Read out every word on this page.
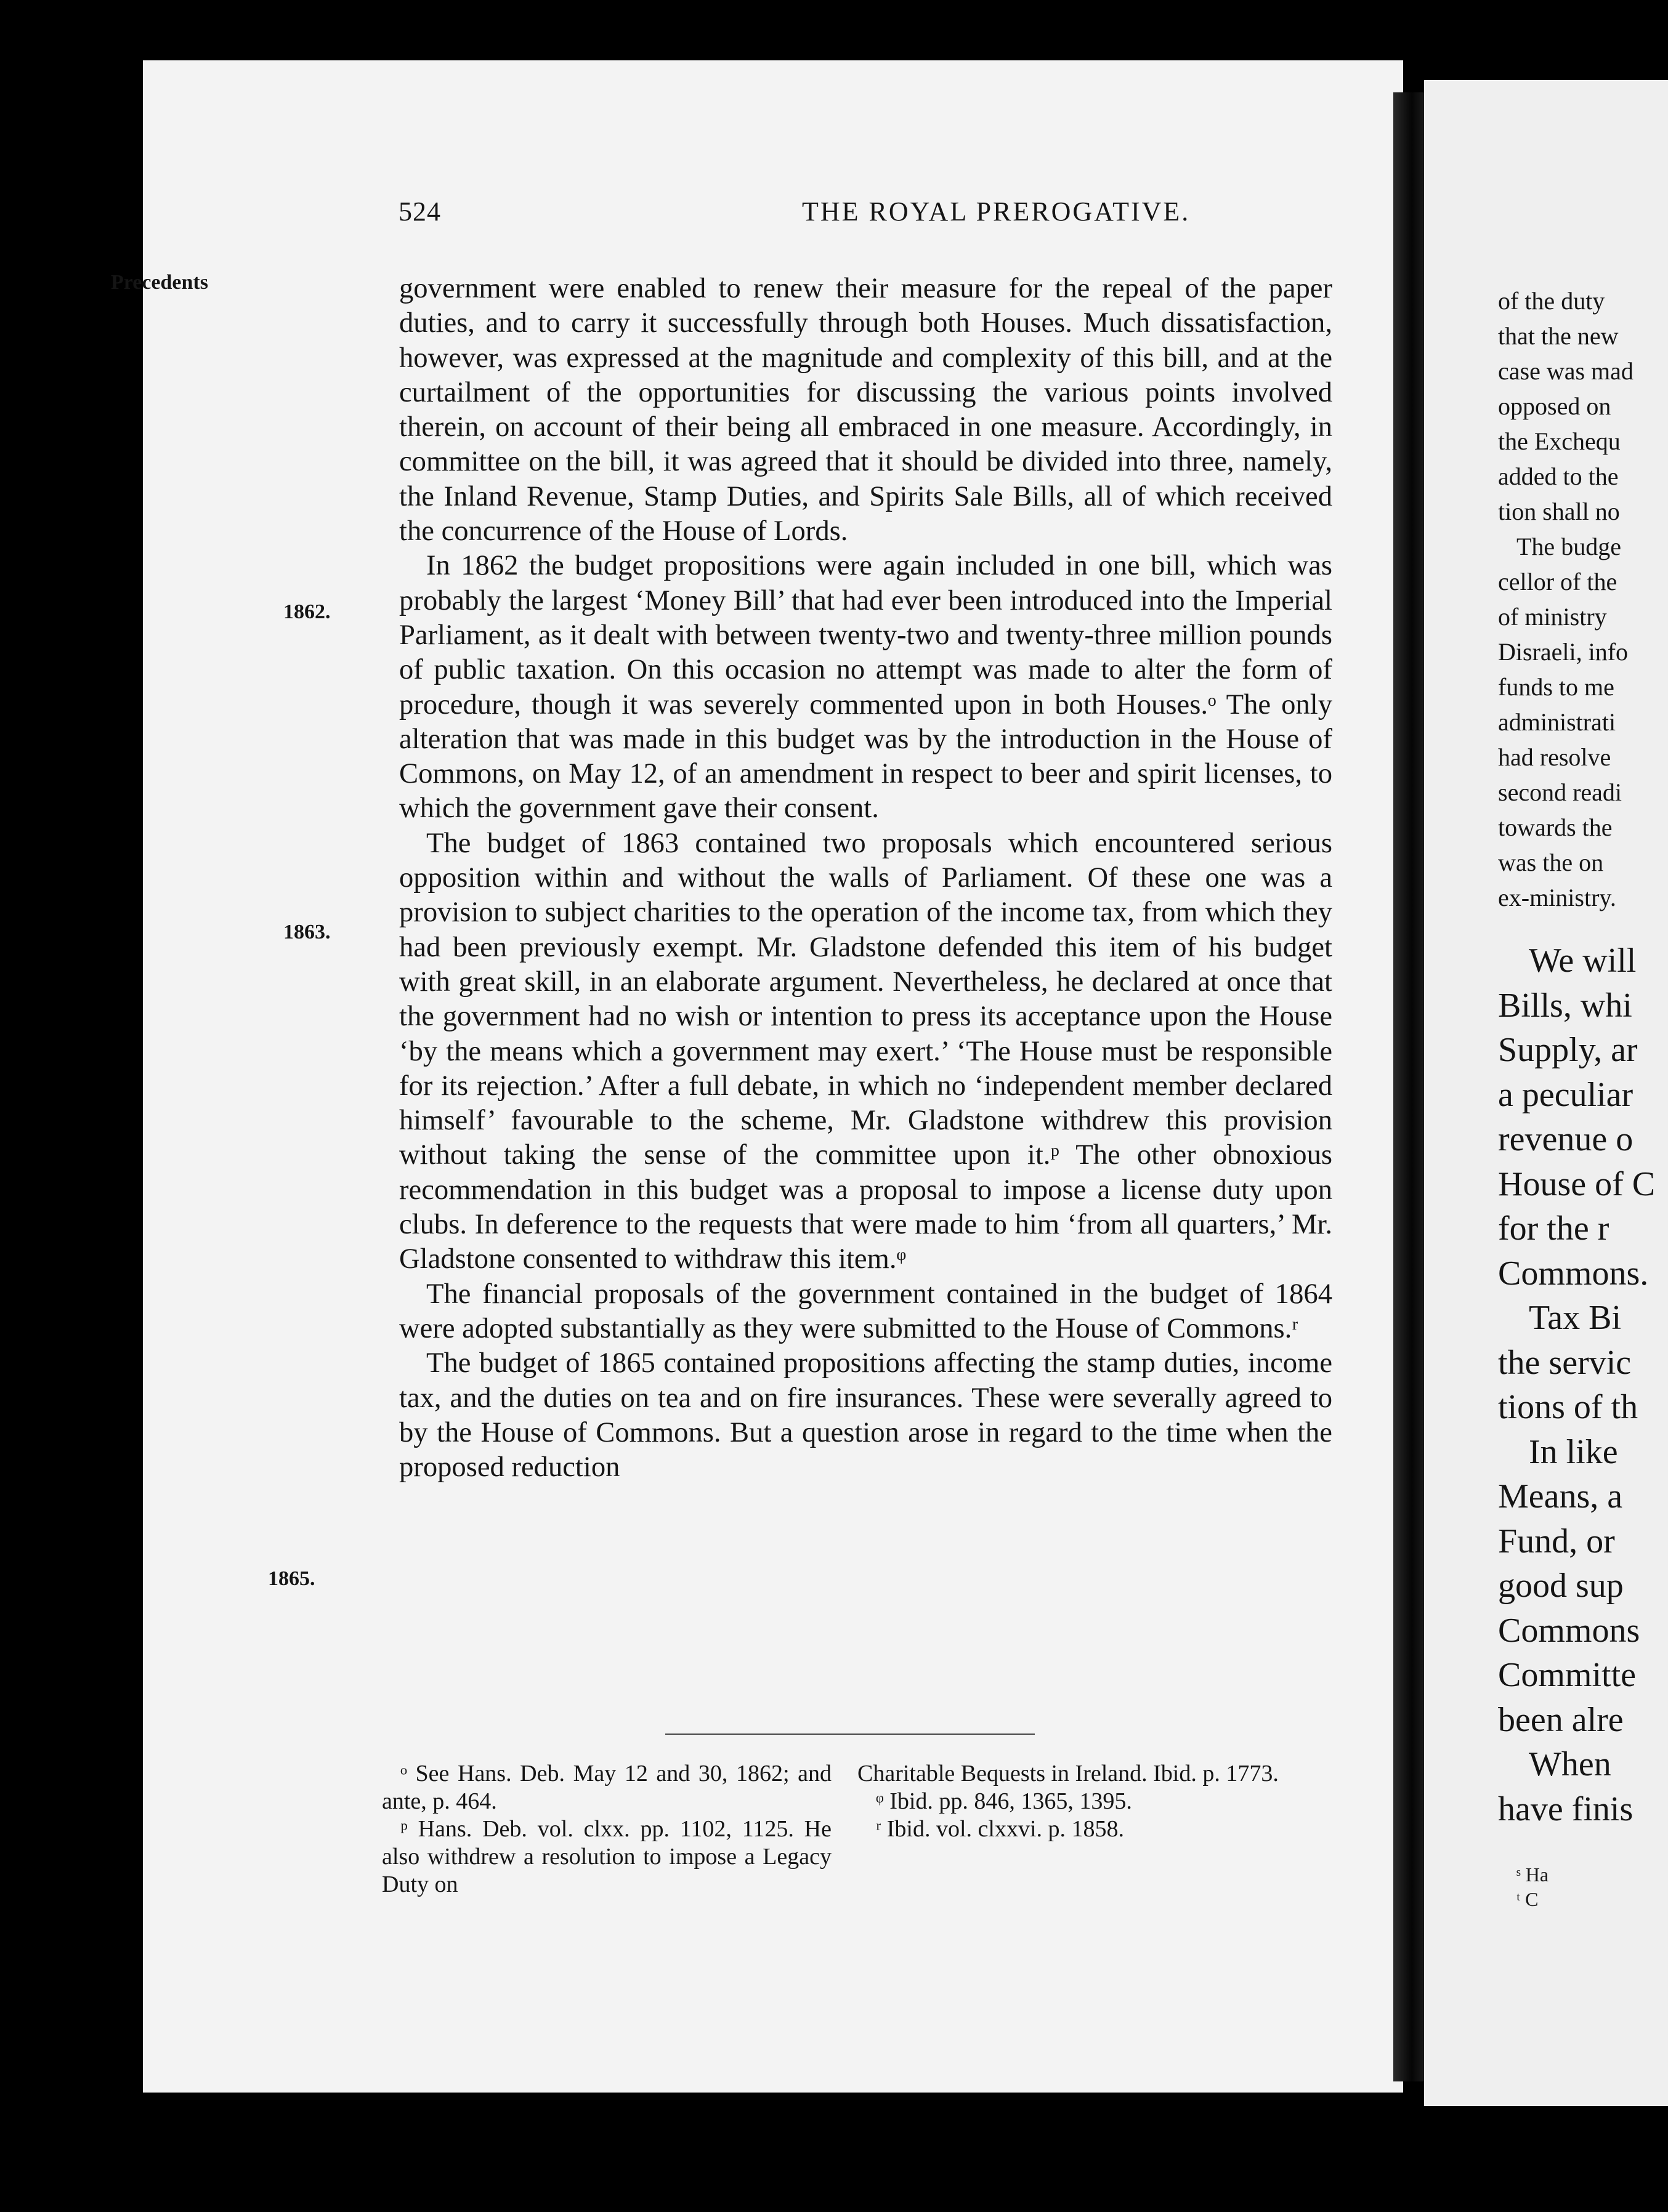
524	THE ROYAL PREROGATIVE.
Precedents
1862.
1863.
1865.

government were enabled to renew their measure for the repeal of the paper duties, and to carry it successfully through both Houses. Much dissatisfaction, however, was expressed at the magnitude and complexity of this bill, and at the curtailment of the opportunities for discussing the various points involved therein, on account of their being all embraced in one measure. Accordingly, in committee on the bill, it was agreed that it should be divided into three, namely, the Inland Revenue, Stamp Duties, and Spirits Sale Bills, all of which received the concurrence of the House of Lords.

In 1862 the budget propositions were again included in one bill, which was probably the largest ‘Money Bill’ that had ever been introduced into the Imperial Parliament, as it dealt with between twenty-two and twenty-three million pounds of public taxation. On this occasion no attempt was made to alter the form of procedure, though it was severely commented upon in both Houses.ᵒ The only alteration that was made in this budget was by the introduction in the House of Commons, on May 12, of an amendment in respect to beer and spirit licenses, to which the government gave their consent.

The budget of 1863 contained two proposals which encountered serious opposition within and without the walls of Parliament. Of these one was a provision to subject charities to the operation of the income tax, from which they had been previously exempt. Mr. Gladstone defended this item of his budget with great skill, in an elaborate argument. Nevertheless, he declared at once that the government had no wish or intention to press its acceptance upon the House ‘by the means which a government may exert.’ ‘The House must be responsible for its rejection.’ After a full debate, in which no ‘independent member declared himself’ favourable to the scheme, Mr. Gladstone withdrew this provision without taking the sense of the committee upon it.ᵖ The other obnoxious recommendation in this budget was a proposal to impose a license duty upon clubs. In deference to the requests that were made to him ‘from all quarters,’ Mr. Gladstone consented to withdraw this item.ᵠ

The financial proposals of the government contained in the budget of 1864 were adopted substantially as they were submitted to the House of Commons.ʳ

The budget of 1865 contained propositions affecting the stamp duties, income tax, and the duties on tea and on fire insurances. These were severally agreed to by the House of Commons. But a question arose in regard to the time when the proposed reduction

ᵒ See Hans. Deb. May 12 and 30, 1862; and ante, p. 464.

ᵖ Hans. Deb. vol. clxx. pp. 1102, 1125. He also withdrew a resolution to impose a Legacy Duty on

Charitable Bequests in Ireland. Ibid. p. 1773.

ᵠ Ibid. pp. 846, 1365, 1395.

ʳ Ibid. vol. clxxvi. p. 1858.

of the duty
that the new
case was mad
opposed on
the Exchequ
added to the
tion shall no
The budge
cellor of the
of ministry
Disraeli, info
funds to me
administrati
had resolve
second readi
towards the
was the on
ex-ministry.
We will
Bills, whi
Supply, ar
a peculiar
revenue o
House of C
for the r
Commons.
Tax Bi
the servic
tions of th
In like
Means, a
Fund, or
good sup
Commons
Committe
been alre
When
have finis
ˢ Ha
ᵗ C
